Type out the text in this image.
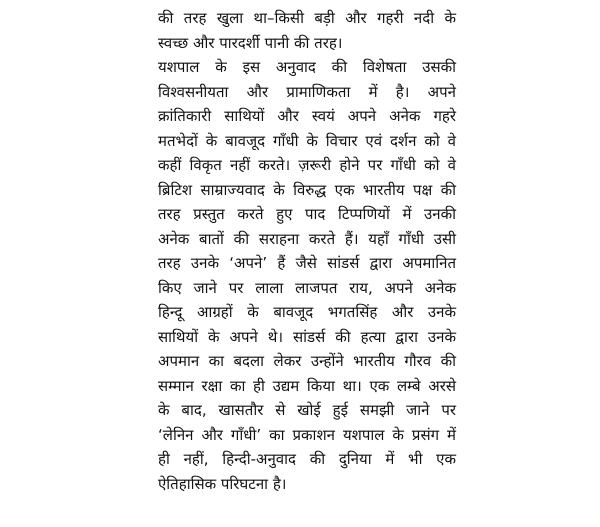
की तरह खुला था–किसी बड़ी और गहरी नदी के
स्वच्छ और पारदर्शी पानी की तरह।
यशपाल के इस अनुवाद की विशेषता उसकी
विश्वसनीयता और प्रामाणिकता में है। अपने
क्रांतिकारी साथियों और स्वयं अपने अनेक गहरे
मतभेदों के बावजूद गाँधी के विचार एवं दर्शन को वे
कहीं विकृत नहीं करते। ज़रूरी होने पर गाँधी को वे
ब्रिटिश साम्राज्यवाद के विरुद्ध एक भारतीय पक्ष की
तरह प्रस्तुत करते हुए पाद टिप्पणियों में उनकी
अनेक बातों की सराहना करते हैं। यहाँ गाँधी उसी
तरह उनके ‘अपने’ हैं जैसे सांडर्स द्वारा अपमानित
किए जाने पर लाला लाजपत राय, अपने अनेक
हिन्दू आग्रहों के बावजूद भगतसिंह और उनके
साथियों के अपने थे। सांडर्स की हत्या द्वारा उनके
अपमान का बदला लेकर उन्होंने भारतीय गौरव की
सम्मान रक्षा का ही उद्यम किया था। एक लम्बे अरसे
के बाद, खासतौर से खोई हुई समझी जाने पर
‘लेनिन और गाँधी’ का प्रकाशन यशपाल के प्रसंग में
ही नहीं, हिन्दी-अनुवाद की दुनिया में भी एक
ऐतिहासिक परिघटना है।
